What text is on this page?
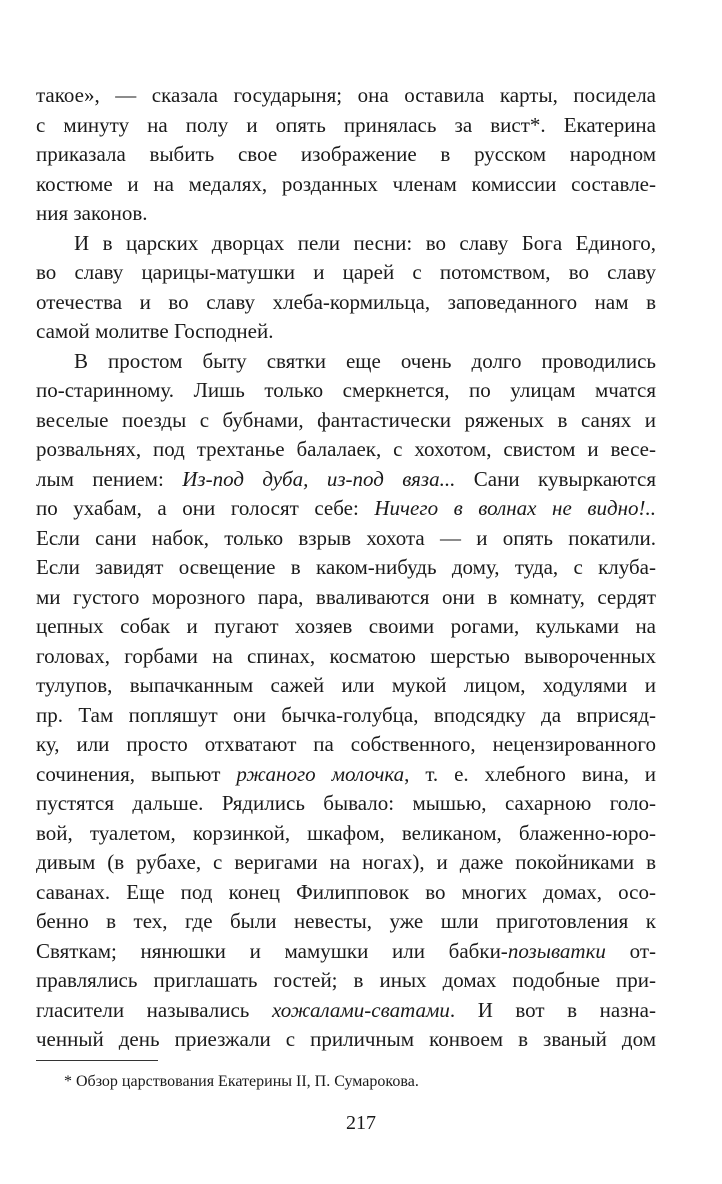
такое», — сказала государыня; она оставила карты, посидела
с минуту на полу и опять принялась за вист*. Екатерина
приказала выбить свое изображение в русском народном
костюме и на медалях, розданных членам комиссии составле-
ния законов.
И в царских дворцах пели песни: во славу Бога Единого,
во славу царицы-матушки и царей с потомством, во славу
отечества и во славу хлеба-кормильца, заповеданного нам в
самой молитве Господней.
В простом быту святки еще очень долго проводились
по-старинному. Лишь только смеркнется, по улицам мчатся
веселые поезды с бубнами, фантастически ряженых в санях и
розвальнях, под трехтанье балалаек, с хохотом, свистом и весе-
лым пением: Из-под дуба, из-под вяза... Сани кувыркаются
по ухабам, а они голосят себе: Ничего в волнах не видно!..
Если сани набок, только взрыв хохота — и опять покатили.
Если завидят освещение в каком-нибудь дому, туда, с клуба-
ми густого морозного пара, вваливаются они в комнату, сердят
цепных собак и пугают хозяев своими рогами, кульками на
головах, горбами на спинах, косматою шерстью вывороченных
тулупов, выпачканным сажей или мукой лицом, ходулями и
пр. Там попляшут они бычка-голубца, вподсядку да вприсяд-
ку, или просто отхватают па собственного, нецензированного
сочинения, выпьют ржаного молочка, т. е. хлебного вина, и
пустятся дальше. Рядились бывало: мышью, сахарною голо-
вой, туалетом, корзинкой, шкафом, великаном, блаженно-юро-
дивым (в рубахе, с веригами на ногах), и даже покойниками в
саванах. Еще под конец Филипповок во многих домах, осо-
бенно в тех, где были невесты, уже шли приготовления к
Святкам; нянюшки и мамушки или бабки-позыватки от-
правлялись приглашать гостей; в иных домах подобные при-
гласители назывались хожалами-сватами. И вот в назна-
ченный день приезжали с приличным конвоем в званый дом
* Обзор царствования Екатерины II, П. Сумарокова.
217
